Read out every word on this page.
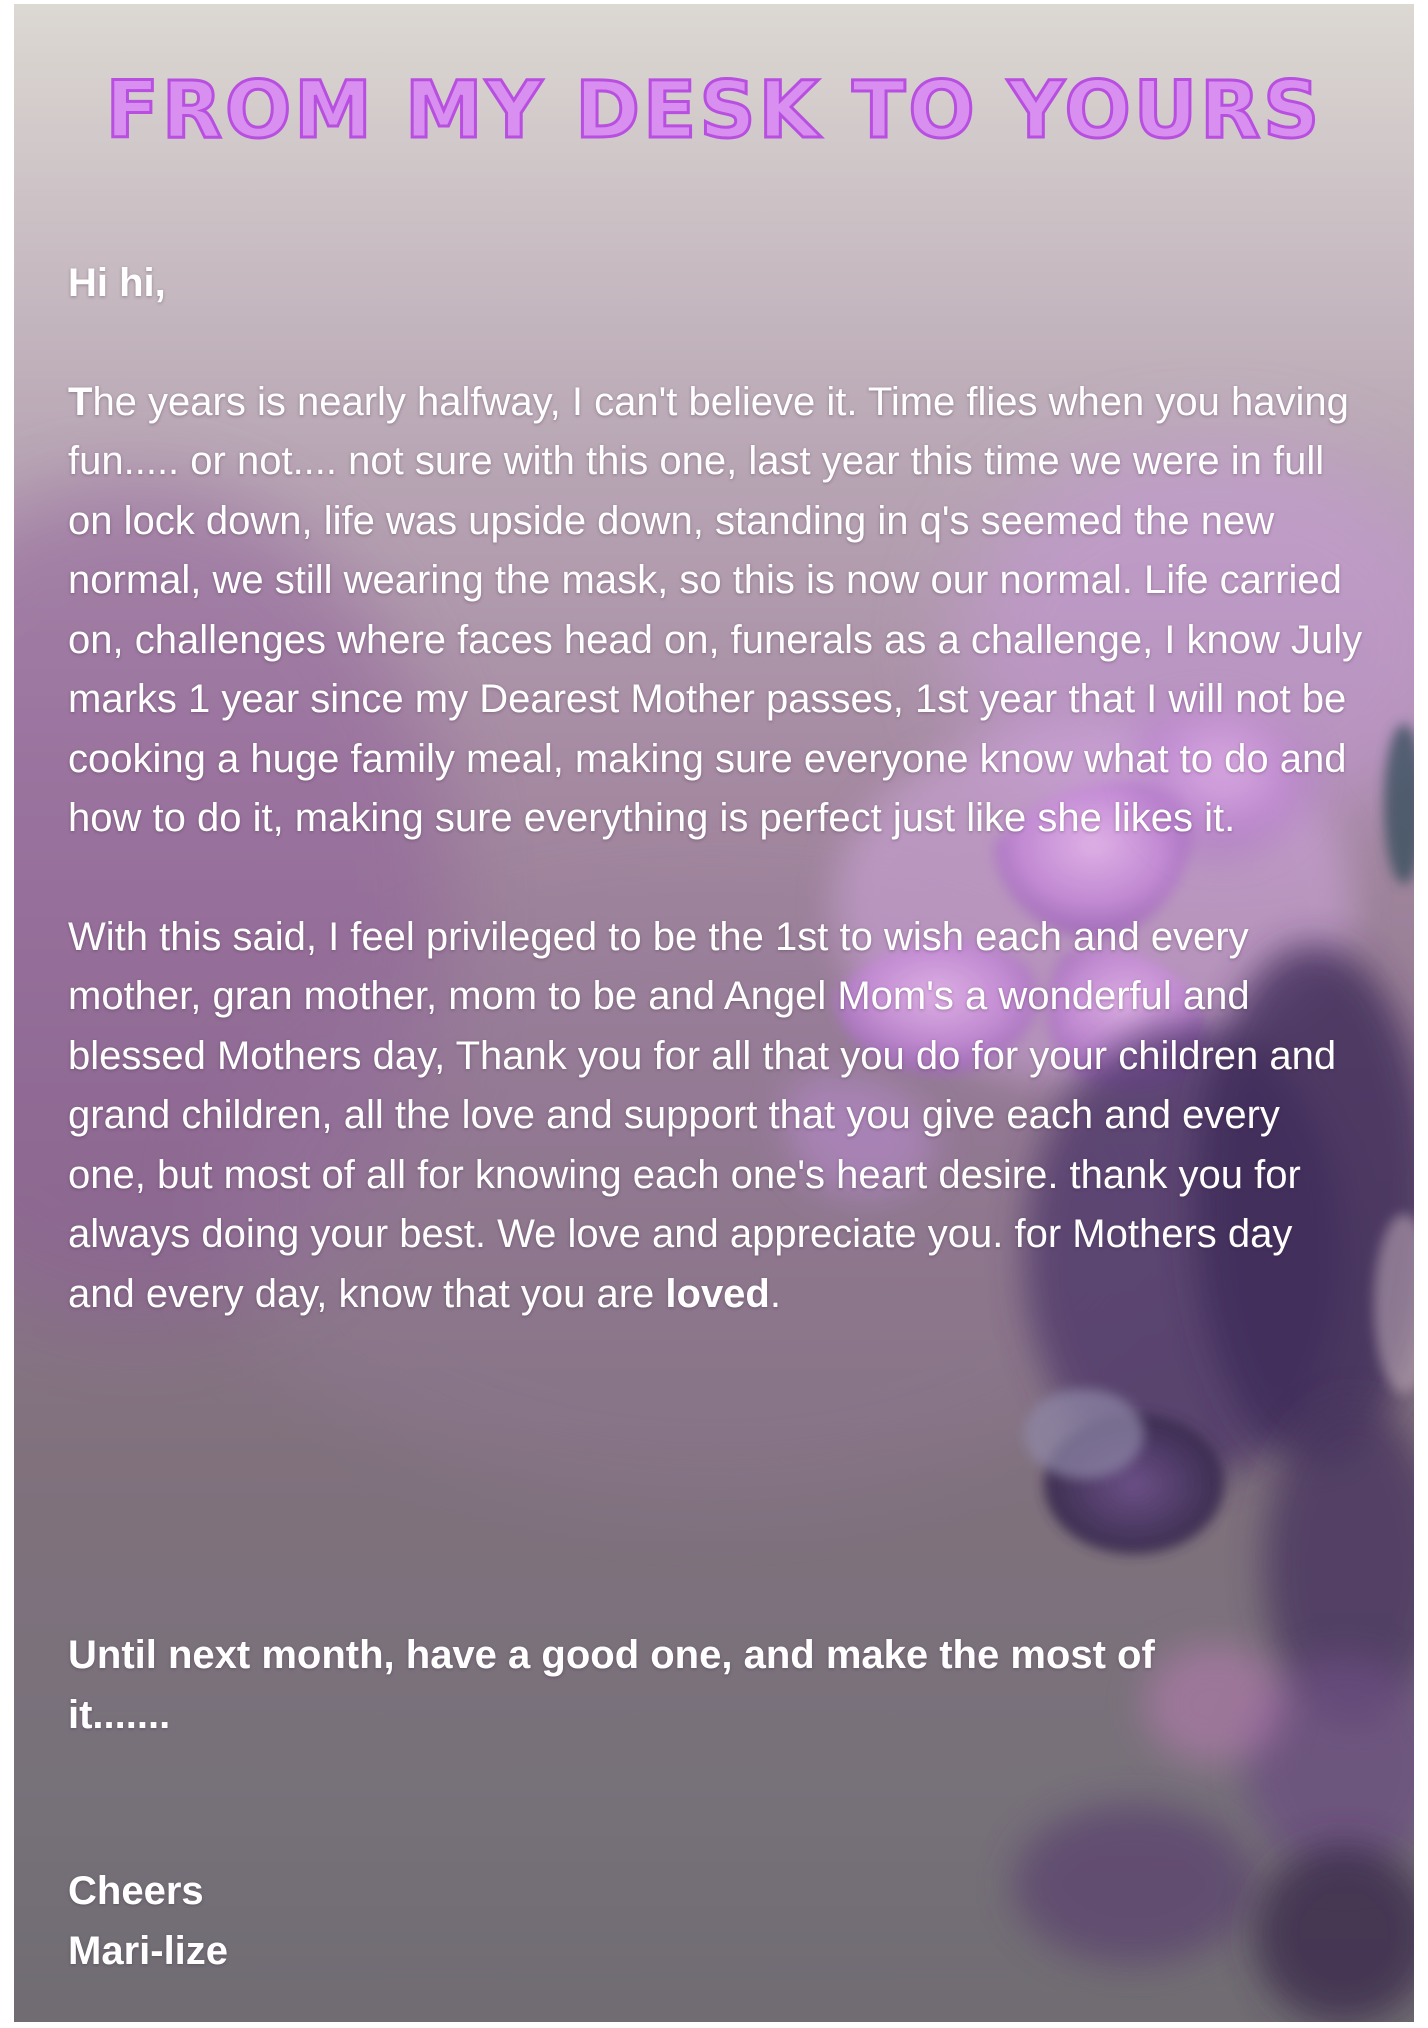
FROM MY DESK TO YOURS

Hi hi,

The years is nearly halfway, I can't believe it. Time flies when you having fun..... or not.... not sure with this one, last year this time we were in full on lock down, life was upside down, standing in q's seemed the new normal, we still wearing the mask, so this is now our normal. Life carried on, challenges where faces head on, funerals as a challenge, I know July marks 1 year since my Dearest Mother passes, 1st year that I will not be cooking a huge family meal, making sure everyone know what to do and how to do it, making sure everything is perfect just like she likes it.

With this said, I feel privileged to be the 1st to wish each and every mother, gran mother, mom to be and Angel Mom's a wonderful and blessed Mothers day, Thank you for all that you do for your children and grand children, all the love and support that you give each and every one, but most of all for knowing each one's heart desire. thank you for always doing your best. We love and appreciate you. for Mothers day and every day, know that you are loved.

Until next month, have a good one, and make the most of it.......
Cheers
Mari-lize
